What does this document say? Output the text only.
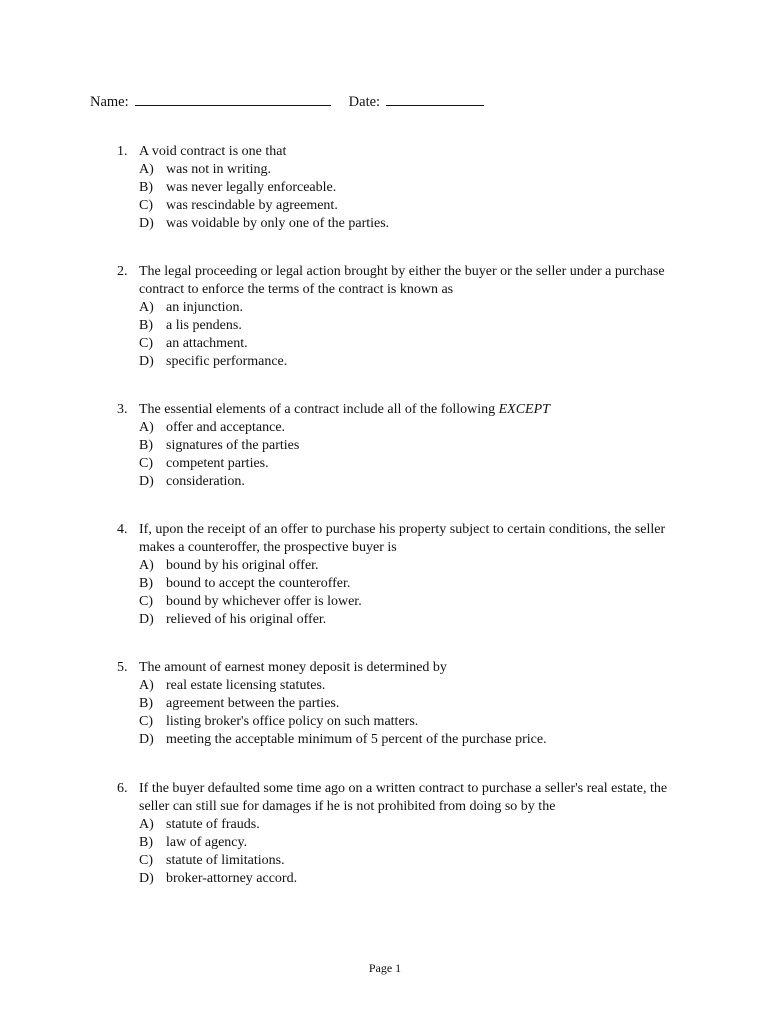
Name:	Date:
1. A void contract is one that
A) was not in writing.
B) was never legally enforceable.
C) was rescindable by agreement.
D) was voidable by only one of the parties.
2. The legal proceeding or legal action brought by either the buyer or the seller under a purchase contract to enforce the terms of the contract is known as
A) an injunction.
B) a lis pendens.
C) an attachment.
D) specific performance.
3. The essential elements of a contract include all of the following EXCEPT
A) offer and acceptance.
B) signatures of the parties
C) competent parties.
D) consideration.
4. If, upon the receipt of an offer to purchase his property subject to certain conditions, the seller makes a counteroffer, the prospective buyer is
A) bound by his original offer.
B) bound to accept the counteroffer.
C) bound by whichever offer is lower.
D) relieved of his original offer.
5. The amount of earnest money deposit is determined by
A) real estate licensing statutes.
B) agreement between the parties.
C) listing broker's office policy on such matters.
D) meeting the acceptable minimum of 5 percent of the purchase price.
6. If the buyer defaulted some time ago on a written contract to purchase a seller's real estate, the seller can still sue for damages if he is not prohibited from doing so by the
A) statute of frauds.
B) law of agency.
C) statute of limitations.
D) broker-attorney accord.
Page 1
